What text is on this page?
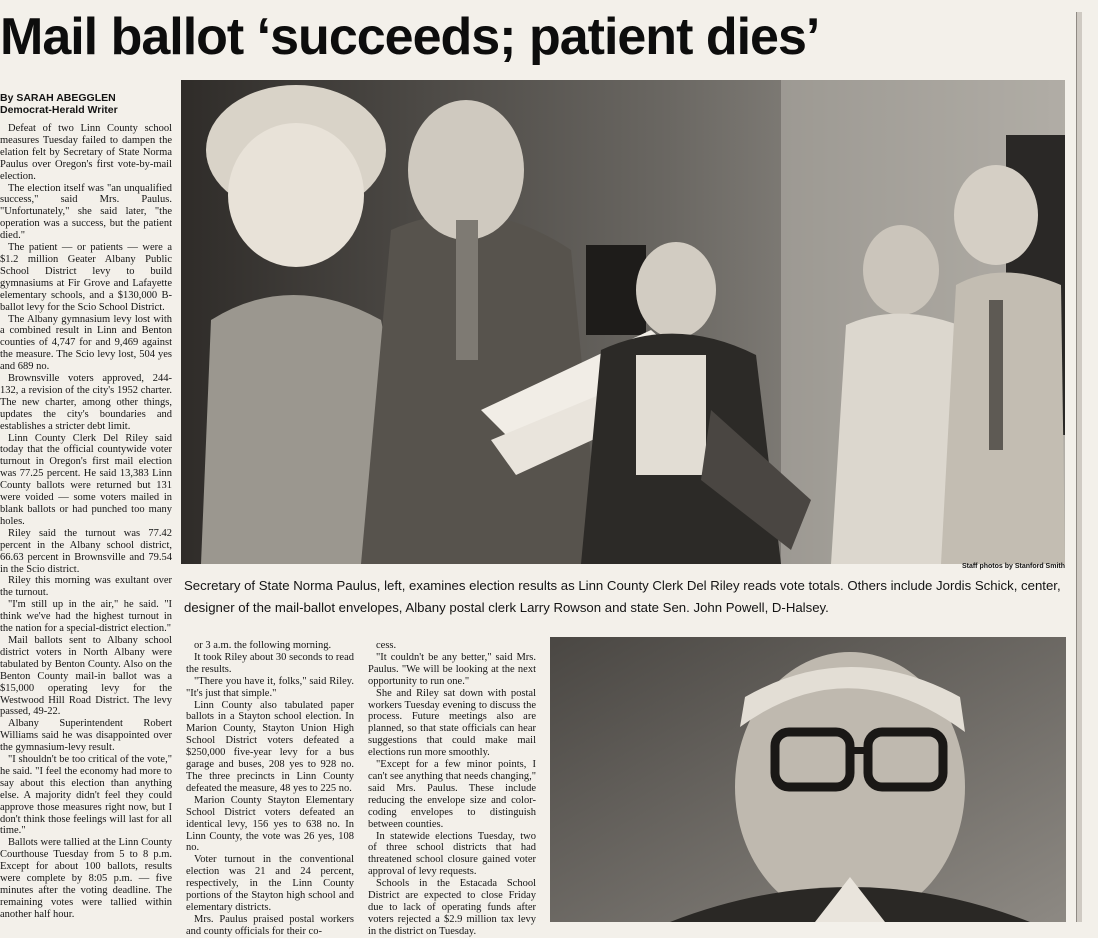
Mail ballot ‘succeeds; patient dies’
By SARAH ABEGGLEN
Democrat-Herald Writer

Defeat of two Linn County school measures Tuesday failed to dampen the elation felt by Secretary of State Norma Paulus over Oregon's first vote-by-mail election.

The election itself was "an unqualified success," said Mrs. Paulus. "Unfortunately," she said later, "the operation was a success, but the patient died."

The patient — or patients — were a $1.2 million Geater Albany Public School District levy to build gymnasiums at Fir Grove and Lafayette elementary schools, and a $130,000 B-ballot levy for the Scio School District.

The Albany gymnasium levy lost with a combined result in Linn and Benton counties of 4,747 for and 9,469 against the measure. The Scio levy lost, 504 yes and 689 no.

Brownsville voters approved, 244-132, a revision of the city's 1952 charter. The new charter, among other things, updates the city's boundaries and establishes a stricter debt limit.

Linn County Clerk Del Riley said today that the official countywide voter turnout in Oregon's first mail election was 77.25 percent. He said 13,383 Linn County ballots were returned but 131 were voided — some voters mailed in blank ballots or had punched too many holes.

Riley said the turnout was 77.42 percent in the Albany school district, 66.63 percent in Brownsville and 79.54 in the Scio district.

Riley this morning was exultant over the turnout.

"I'm still up in the air," he said. "I think we've had the highest turnout in the nation for a special-district election."

Mail ballots sent to Albany school district voters in North Albany were tabulated by Benton County. Also on the Benton County mail-in ballot was a $15,000 operating levy for the Westwood Hill Road District. The levy passed, 49-22.

Albany Superintendent Robert Williams said he was disappointed over the gymnasium-levy result.

"I shouldn't be too critical of the vote," he said. "I feel the economy had more to say about this election than anything else. A majority didn't feel they could approve those measures right now, but I don't think those feelings will last for all time."

Ballots were tallied at the Linn County Courthouse Tuesday from 5 to 8 p.m. Except for about 100 ballots, results were complete by 8:05 p.m. — five minutes after the voting deadline. The remaining votes were tallied within another half hour.

Staff photos by Stanford Smith
Secretary of State Norma Paulus, left, examines election results as Linn County Clerk Del Riley reads vote totals. Others include Jordis Schick, center, designer of the mail-ballot envelopes, Albany postal clerk Larry Rowson and state Sen. John Powell, D-Halsey.

or 3 a.m. the following morning.

It took Riley about 30 seconds to read the results.

"There you have it, folks," said Riley. "It's just that simple."

Linn County also tabulated paper ballots in a Stayton school election. In Marion County, Stayton Union High School District voters defeated a $250,000 five-year levy for a bus garage and buses, 208 yes to 928 no. The three precincts in Linn County defeated the measure, 48 yes to 225 no.

Marion County Stayton Elementary School District voters defeated an identical levy, 156 yes to 638 no. In Linn County, the vote was 26 yes, 108 no.

Voter turnout in the conventional election was 21 and 24 percent, respectively, in the Linn County portions of the Stayton high school and elementary districts.

Mrs. Paulus praised postal workers and county officials for their co-

cess.

"It couldn't be any better," said Mrs. Paulus. "We will be looking at the next opportunity to run one."

She and Riley sat down with postal workers Tuesday evening to discuss the process. Future meetings also are planned, so that state officials can hear suggestions that could make mail elections run more smoothly.

"Except for a few minor points, I can't see anything that needs changing," said Mrs. Paulus. These include reducing the envelope size and color-coding envelopes to distinguish between counties.

In statewide elections Tuesday, two of three school districts that had threatened school closure gained voter approval of levy requests.

Schools in the Estacada School District are expected to close Friday due to lack of operating funds after voters rejected a $2.9 million tax levy in the district on Tuesday.
